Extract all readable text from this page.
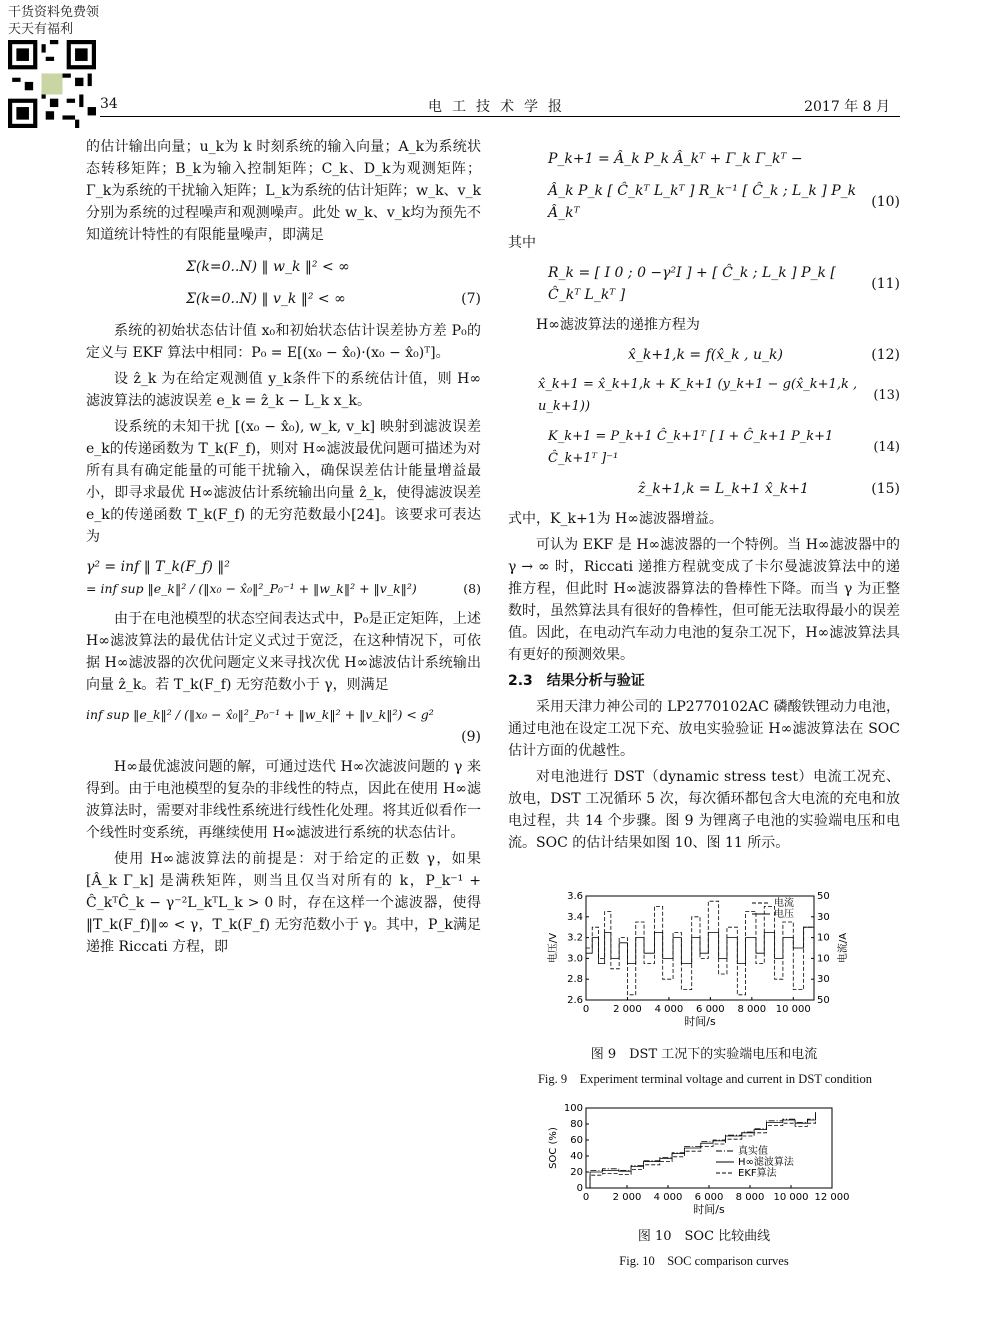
干货资料免费领
天天有福利
34	电工技术学报	2017 年 8 月

的估计输出向量；u_k为 k 时刻系统的输入向量；A_k为系统状态转移矩阵；B_k为输入控制矩阵；C_k、D_k为观测矩阵；Γ_k为系统的干扰输入矩阵；L_k为系统的估计矩阵；w_k、v_k分别为系统的过程噪声和观测噪声。此处 w_k、v_k均为预先不知道统计特性的有限能量噪声，即满足

Σ(k=0..N) ‖ w_k ‖² < ∞
Σ(k=0..N) ‖ v_k ‖² < ∞	(7)

系统的初始状态估计值 x₀和初始状态估计误差协方差 P₀的定义与 EKF 算法中相同：P₀ = E[(x₀ − x̂₀)·(x₀ − x̂₀)ᵀ]。

设 ẑ_k 为在给定观测值 y_k条件下的系统估计值，则 H∞滤波算法的滤波误差 e_k = ẑ_k − L_k x_k。

设系统的未知干扰 [(x₀ − x̂₀), w_k, v_k] 映射到滤波误差 e_k的传递函数为 T_k(F_f)，则对 H∞滤波最优问题可描述为对所有具有确定能量的可能干扰输入，确保误差估计能量增益最小，即寻求最优 H∞滤波估计系统输出向量 ẑ_k，使得滤波误差 e_k的传递函数 T_k(F_f) 的无穷范数最小[24]。该要求可表达为

γ² = inf ‖ T_k(F_f) ‖²
= inf sup ‖e_k‖² / (‖x₀ − x̂₀‖²_P₀⁻¹ + ‖w_k‖² + ‖v_k‖²)	(8)

由于在电池模型的状态空间表达式中，P₀是正定矩阵，上述 H∞滤波算法的最优估计定义式过于宽泛，在这种情况下，可依据 H∞滤波器的次优问题定义来寻找次优 H∞滤波估计系统输出向量 ẑ_k。若 T_k(F_f) 无穷范数小于 γ，则满足

inf sup ‖e_k‖² / (‖x₀ − x̂₀‖²_P₀⁻¹ + ‖w_k‖² + ‖v_k‖²) < g²
(9)

H∞最优滤波问题的解，可通过迭代 H∞次滤波问题的 γ 来得到。由于电池模型的复杂的非线性的特点，因此在使用 H∞滤波算法时，需要对非线性系统进行线性化处理。将其近似看作一个线性时变系统，再继续使用 H∞滤波进行系统的状态估计。

使用 H∞滤波算法的前提是：对于给定的正数 γ，如果 [Â_k Γ_k] 是满秩矩阵，则当且仅当对所有的 k，P_k⁻¹ + Ĉ_kᵀĈ_k − γ⁻²L_kᵀL_k > 0 时，存在这样一个滤波器，使得 ‖T_k(F_f)‖∞ < γ，T_k(F_f) 无穷范数小于 γ。其中，P_k满足递推 Riccati 方程，即

P_k+1 = Â_k P_k Â_kᵀ + Γ_k Γ_kᵀ −
Â_k P_k [ Ĉ_kᵀ L_kᵀ ] R_k⁻¹ [ Ĉ_k ; L_k ] P_k Â_kᵀ
(10)

其中

R_k = [ I 0 ; 0 −γ²I ] + [ Ĉ_k ; L_k ] P_k [ Ĉ_kᵀ L_kᵀ ]
(11)

H∞滤波算法的递推方程为

x̂_k+1,k = f(x̂_k , u_k)	(12)
x̂_k+1 = x̂_k+1,k + K_k+1 (y_k+1 − g(x̂_k+1,k , u_k+1))
(13)
K_k+1 = P_k+1 Ĉ_k+1ᵀ [ I + Ĉ_k+1 P_k+1 Ĉ_k+1ᵀ ]⁻¹
(14)
ẑ_k+1,k = L_k+1 x̂_k+1	(15)

式中，K_k+1为 H∞滤波器增益。

可认为 EKF 是 H∞滤波器的一个特例。当 H∞滤波器中的 γ → ∞ 时，Riccati 递推方程就变成了卡尔曼滤波算法中的递推方程，但此时 H∞滤波器算法的鲁棒性下降。而当 γ 为正整数时，虽然算法具有很好的鲁棒性，但可能无法取得最小的误差值。因此，在电动汽车动力电池的复杂工况下，H∞滤波算法具有更好的预测效果。

2.3　结果分析与验证

采用天津力神公司的 LP2770102AC 磷酸铁锂动力电池，通过电池在设定工况下充、放电实验验证 H∞滤波算法在 SOC 估计方面的优越性。

对电池进行 DST（dynamic stress test）电流工况充、放电，DST 工况循环 5 次，每次循环都包含大电流的充电和放电过程，共 14 个步骤。图 9 为锂离子电池的实验端电压和电流。SOC 的估计结果如图 10、图 11 所示。

0 2 000 4 000 6 000 8 000 10 000
2.6
2.8
3.0
3.2
3.4
3.6
50
30
10
10
30
50
电流/A
时间/s
电压/V
电流
电压
图 9　DST 工况下的实验端电压和电流
Fig. 9　Experiment terminal voltage and current in DST condition
0 2 000 4 000 6 000 8 000 10 000 12 000
0
20
40
60
80
100
时间/s
SOC (%)	真实值
H∞滤波算法
EKF算法
图 10　SOC 比较曲线
Fig. 10　SOC comparison curves
